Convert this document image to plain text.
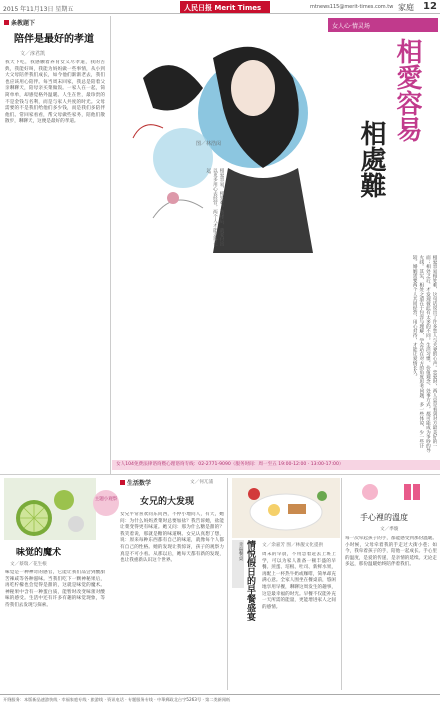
2015 年11月13日 星期五	人民日报 Merit Times	mtnews115@merit-times.com.tw 家庭 12
条教题下
陪伴是最好的孝道
文／淳君凯
我天下吃，我感触着养育女义尽孝道，我的古典，我能好叫，我能为妈妈做一些事情，从小到大父母陪伴我们成长，如今他们渐渐老去，我们也应该用心陪伴。每当周末回家，我总是陪着父亲聊聊天，陪母亲买菜做饭。一家人在一起，简简单单，却感觉格外温暖。人生在世，最珍贵的不是金钱与名利，而是与家人共度的时光。父母需要的不是我们给他们多少钱，而是我们多陪伴他们。常回家看看，帮父母做些家务，陪他们散散步，聊聊天，这便是最好的孝道。
图／林浩闵
相爱容易，相处难。选择后，就要付出以更多用心去经营，两个人才能走得长远。
女人心·情灵场
相愛容易
相處難
相爱容易相处难，这句话说出了许多恋人与夫妻的心声。恋爱时，两人总是看到对方最美好的一面；相处之后，才发现彼此有太多的不同。生活习惯、价值观念、处事方式，都可能成为争吵的导火线。其实，相处之道在于包容与理解，学会站在对方的角度思考问题，多一些体谅，少一些计较。婚姻需要两个人共同经营，用心对待，才能让爱情长久。
女人104免费法律谘询暨心理谘询专线：02-2771-9090（服务时间：周一至五 19:00-12:00 · 13:00-17:00）
主题小观察
味觉的魔术
文／蔡瑞／花生根
味觉是一种神奇的感官，它能让我们品尝到酸甜苦辣咸等各种滋味。当我们吃下一颗神秘果后，再吃柠檬也会觉得是甜的，这就是味觉的魔术。神秘果中含有一种蛋白质，能暂时改变味蕾对酸味的感受。生活中还有许多有趣的味觉现象，等待我们去发现与探索。
生活数学	文／何兀浦
女兄的大发现
女兄平常喜欢问东问西，不停小地问人，有天，她问：为什么妈妈煮菜时总要加盐？我告诉她，盐能让菜变得更有味道。她又问：那为什么糖是甜的？我笑着说，那就是糖的味道啊。女兄认真想了想，说：原来每种东西都有自己的味道，就像每个人都有自己的性格。她的发现让我惊讶，孩子的观察力真是不可小看。从那以后，她每天都有新的发现，也让我重新认识这个世界。
幸福餐桌 情悦假日的早餐盛宴	文／余嘉芳 图／林靓文化提供
周末的早晨，不用急着赶去上班上学，可以为家人准备一顿丰盛的早餐。煎蛋、培根、吐司、新鲜水果，再配上一杯热牛奶或咖啡，简单却充满心意。全家人围坐在餐桌前，悠闲地享用早餐，聊聊这周发生的趣事，这是最幸福的时光。早餐不仅能补充一天所需的能量，更能增进家人之间的感情。
手心裡的溫度
文／季璇
每一次牵起孩子的手，都能感受到那份温暖。小时候，父母牵着我的手走过大街小巷；如今，我牵着孩子的手，陪他一起成长。手心里的温度，是爱的传递，是亲情的延续。无论走多远，那份温暖始终陪伴着我们。
开缝服务：本版新品速游快线 · 幸福家庭专线 · 旅游线 · 资讯电话 · 专题服务专线 · 中華郵政北台字5263号 · 第二类新闻纸
